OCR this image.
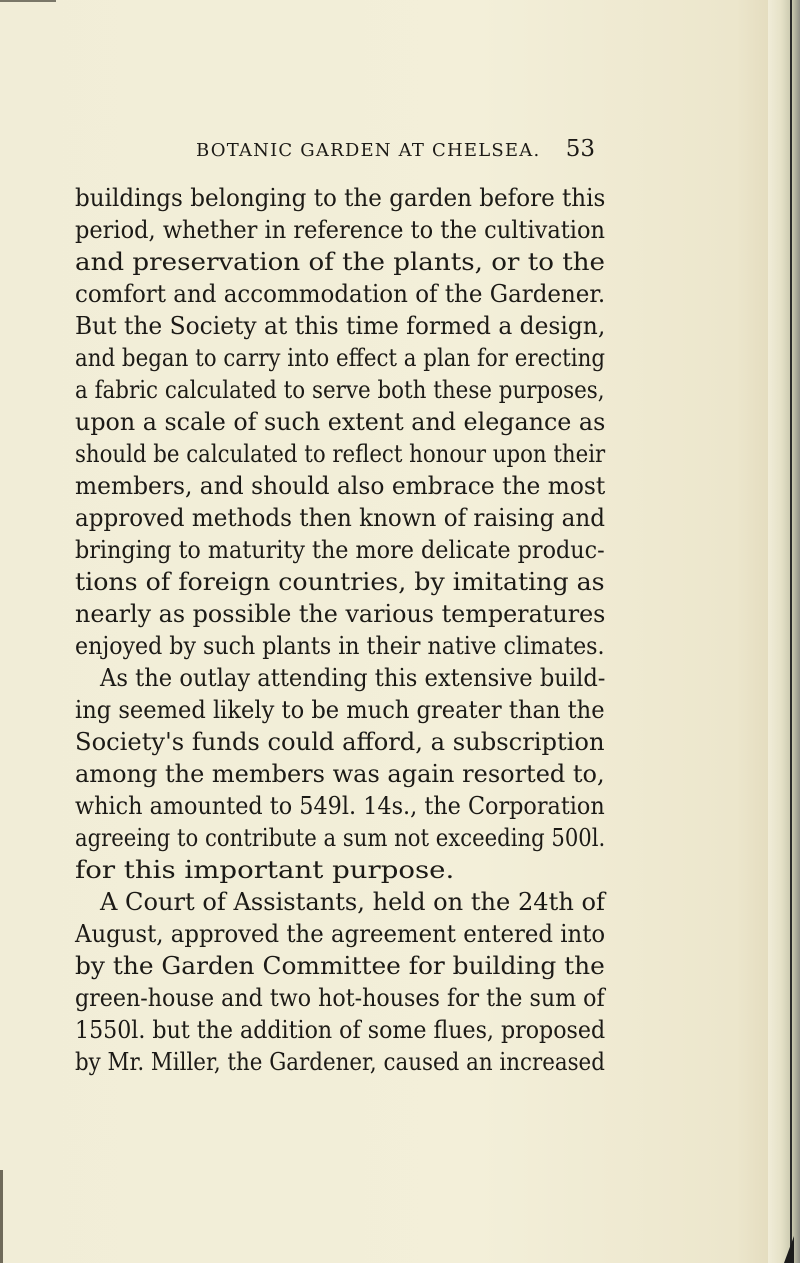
BOTANIC GARDEN AT CHELSEA. 53
buildings belonging to the garden before this
period, whether in reference to the cultivation
and preservation of the plants, or to the
comfort and accommodation of the Gardener.
But the Society at this time formed a design,
and began to carry into effect a plan for erecting
a fabric calculated to serve both these purposes,
upon a scale of such extent and elegance as
should be calculated to reflect honour upon their
members, and should also embrace the most
approved methods then known of raising and
bringing to maturity the more delicate produc-
tions of foreign countries, by imitating as
nearly as possible the various temperatures
enjoyed by such plants in their native climates.
As the outlay attending this extensive build-
ing seemed likely to be much greater than the
Society's funds could afford, a subscription
among the members was again resorted to,
which amounted to 549l. 14s., the Corporation
agreeing to contribute a sum not exceeding 500l.
for this important purpose.
A Court of Assistants, held on the 24th of
August, approved the agreement entered into
by the Garden Committee for building the
green-house and two hot-houses for the sum of
1550l. but the addition of some flues, proposed
by Mr. Miller, the Gardener, caused an increased
